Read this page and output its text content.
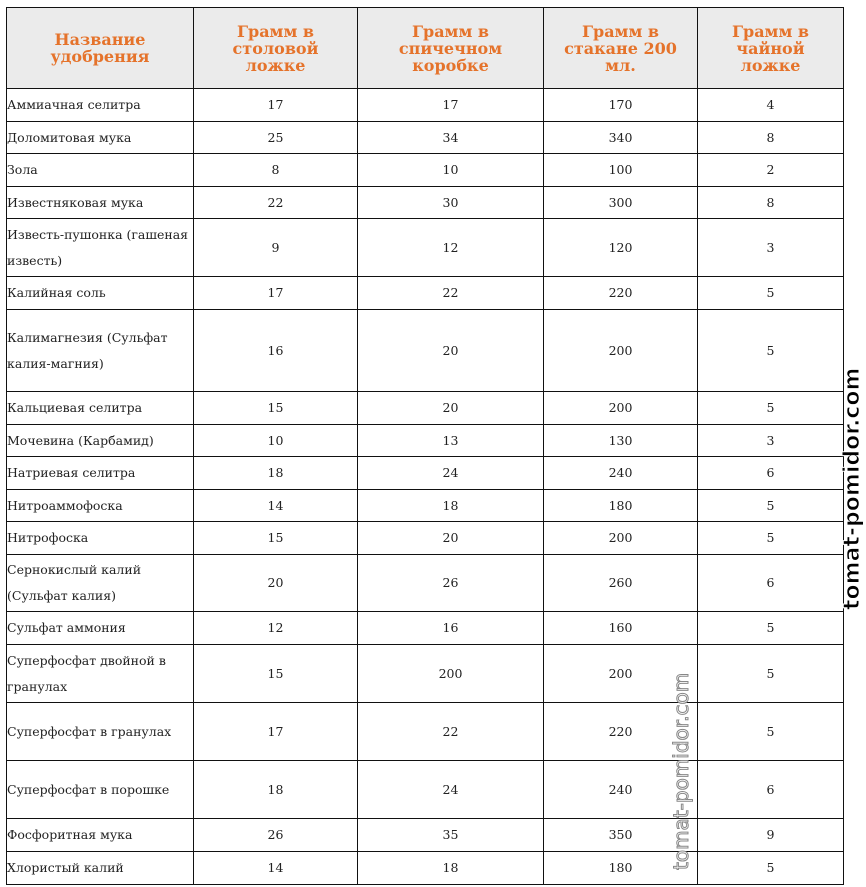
Название удобрения	Грамм в столовой ложке	Грамм в спичечном коробке	Грамм в стакане 200 мл.	Грамм в чайной ложке
Аммиачная селитра	17	17	170	4
Доломитовая мука	25	34	340	8
Зола	8	10	100	2
Известняковая мука	22	30	300	8
Известь-пушонка (гашеная известь)	9	12	120	3
Калийная соль	17	22	220	5
Калимагнезия (Сульфат калия-магния)	16	20	200	5
Кальциевая селитра	15	20	200	5
Мочевина (Карбамид)	10	13	130	3
Натриевая селитра	18	24	240	6
Нитроаммофоска	14	18	180	5
Нитрофоска	15	20	200	5
Сернокислый калий (Сульфат калия)	20	26	260	6
Сульфат аммония	12	16	160	5
Суперфосфат двойной в гранулах	15	200	200	5
Суперфосфат в гранулах	17	22	220	5
Суперфосфат в порошке	18	24	240	6
Фосфоритная мука	26	35	350	9
Хлористый калий	14	18	180	5
tomat-pomidor.com
tomat-pomidor.com
